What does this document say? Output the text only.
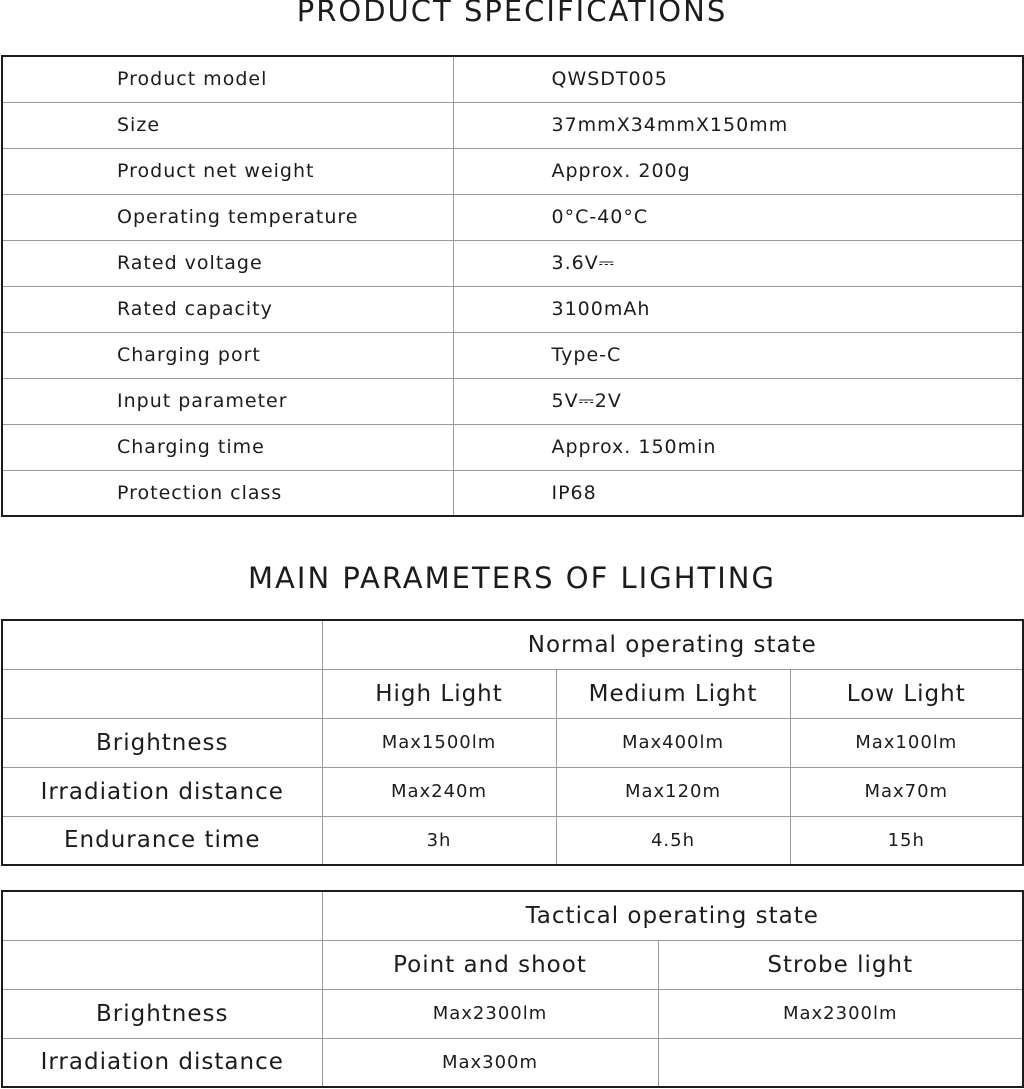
PRODUCT SPECIFICATIONS
Product model	QWSDT005
Size	37mmX34mmX150mm
Product net weight	Approx. 200g
Operating temperature	0°C-40°C
Rated voltage	3.6V⎓
Rated capacity	3100mAh
Charging port	Type-C
Input parameter	5V⎓2V
Charging time	Approx. 150min
Protection class	IP68
MAIN PARAMETERS OF LIGHTING
	Normal operating state		
	High Light	Medium Light	Low Light
Brightness	Max1500lm	Max400lm	Max100lm
Irradiation distance	Max240m	Max120m	Max70m
Endurance time	3h	4.5h	15h
	Tactical operating state	
	Point and shoot	Strobe light
Brightness	Max2300lm	Max2300lm
Irradiation distance	Max300m	
